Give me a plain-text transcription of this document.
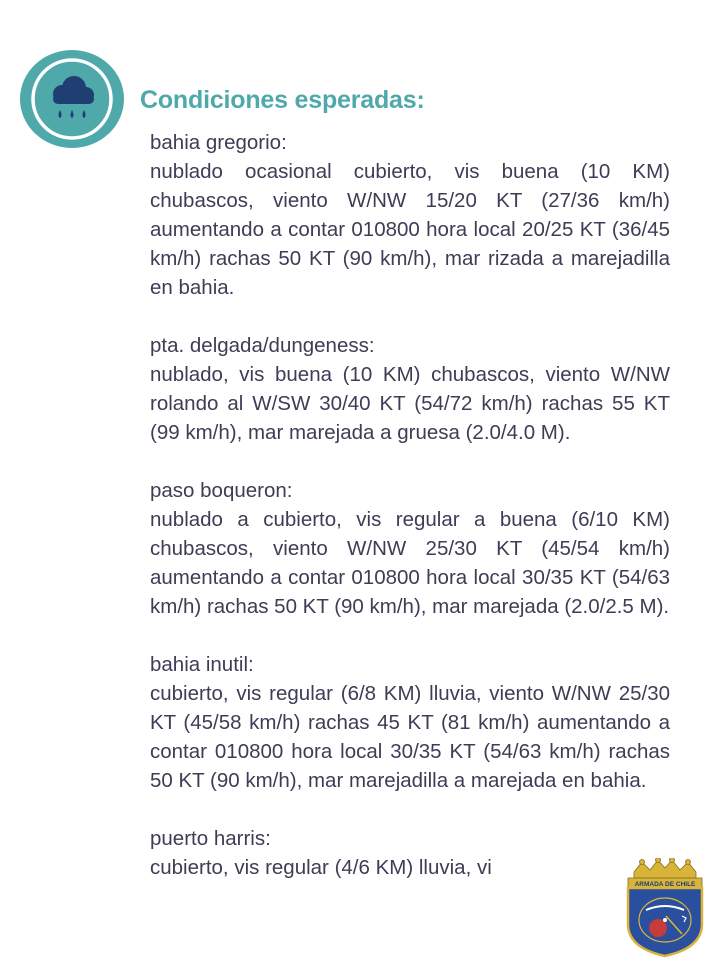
Condiciones esperadas:
bahia gregorio:

nublado ocasional cubierto, vis buena (10 KM) chubascos, viento W/NW 15/20 KT (27/36 km/h) aumentando a contar 010800 hora local 20/25 KT (36/45 km/h) rachas 50 KT (90 km/h), mar rizada a marejadilla en bahia.

pta. delgada/dungeness:

nublado, vis buena (10 KM) chubascos, viento W/NW rolando al W/SW 30/40 KT (54/72 km/h) rachas 55 KT (99 km/h), mar marejada a gruesa (2.0/4.0 M).

paso boqueron:

nublado a cubierto, vis regular a buena (6/10 KM) chubascos, viento W/NW 25/30 KT (45/54 km/h) aumentando a contar 010800 hora local 30/35 KT (54/63 km/h) rachas 50 KT (90 km/h), mar marejada (2.0/2.5 M).

bahia inutil:

cubierto, vis regular (6/8 KM) lluvia, viento W/NW 25/30 KT (45/58 km/h) rachas 45 KT (81 km/h) aumentando a contar 010800 hora local 30/35 KT (54/63 km/h) rachas 50 KT (90 km/h), mar marejadilla a marejada en bahia.

puerto harris:

cubierto, vis regular (4/6 KM) lluvia, vi

ARMADA DE CHILE
